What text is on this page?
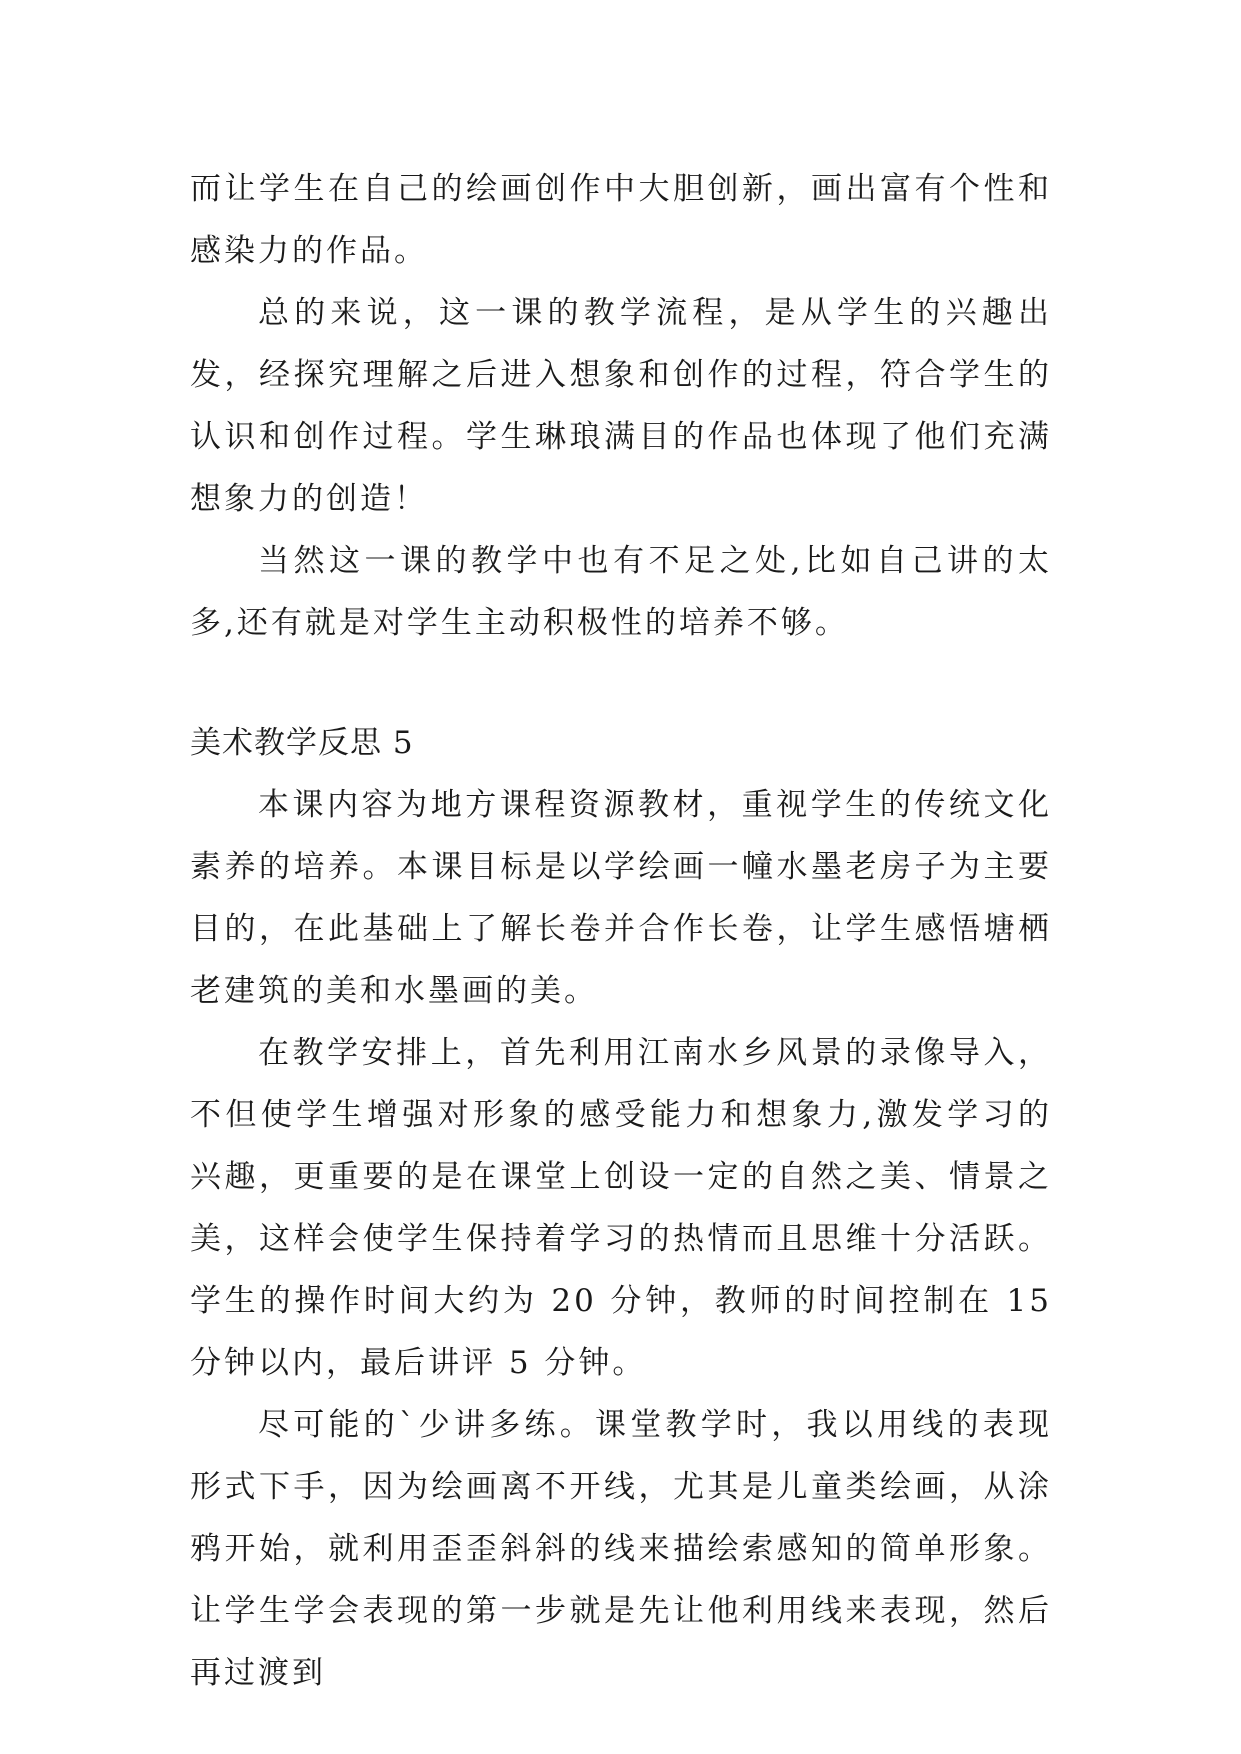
而让学生在自己的绘画创作中大胆创新，画出富有个性和感染力的作品。

总的来说，这一课的教学流程，是从学生的兴趣出发，经探究理解之后进入想象和创作的过程，符合学生的认识和创作过程。学生琳琅满目的作品也体现了他们充满想象力的创造！

当然这一课的教学中也有不足之处,比如自己讲的太多,还有就是对学生主动积极性的培养不够。

美术教学反思 5

本课内容为地方课程资源教材，重视学生的传统文化素养的培养。本课目标是以学绘画一幢水墨老房子为主要目的，在此基础上了解长卷并合作长卷，让学生感悟塘栖老建筑的美和水墨画的美。

在教学安排上，首先利用江南水乡风景的录像导入，不但使学生增强对形象的感受能力和想象力,激发学习的兴趣，更重要的是在课堂上创设一定的自然之美、情景之美，这样会使学生保持着学习的热情而且思维十分活跃。学生的操作时间大约为 20 分钟，教师的时间控制在 15 分钟以内，最后讲评 5 分钟。

尽可能的`少讲多练。课堂教学时，我以用线的表现形式下手，因为绘画离不开线，尤其是儿童类绘画，从涂鸦开始，就利用歪歪斜斜的线来描绘索感知的简单形象。让学生学会表现的第一步就是先让他利用线来表现，然后再过渡到
